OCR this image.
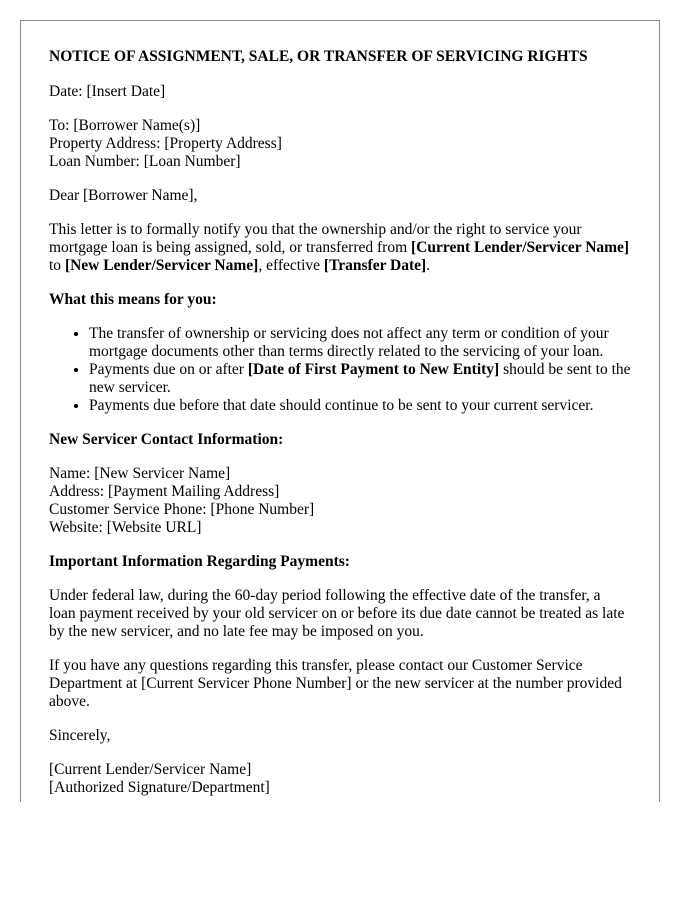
NOTICE OF ASSIGNMENT, SALE, OR TRANSFER OF SERVICING RIGHTS

Date: [Insert Date]

To: [Borrower Name(s)]
Property Address: [Property Address]
Loan Number: [Loan Number]

Dear [Borrower Name],

This letter is to formally notify you that the ownership and/or the right to service your mortgage loan is being assigned, sold, or transferred from [Current Lender/Servicer Name] to [New Lender/Servicer Name], effective [Transfer Date].

What this means for you:
• The transfer of ownership or servicing does not affect any term or condition of your mortgage documents other than terms directly related to the servicing of your loan.
• Payments due on or after [Date of First Payment to New Entity] should be sent to the new servicer.
• Payments due before that date should continue to be sent to your current servicer.
New Servicer Contact Information:
Name: [New Servicer Name]
Address: [Payment Mailing Address]
Customer Service Phone: [Phone Number]
Website: [Website URL]
Important Information Regarding Payments:

Under federal law, during the 60-day period following the effective date of the transfer, a loan payment received by your old servicer on or before its due date cannot be treated as late by the new servicer, and no late fee may be imposed on you.

If you have any questions regarding this transfer, please contact our Customer Service Department at [Current Servicer Phone Number] or the new servicer at the number provided above.

Sincerely,

[Current Lender/Servicer Name]
[Authorized Signature/Department]
